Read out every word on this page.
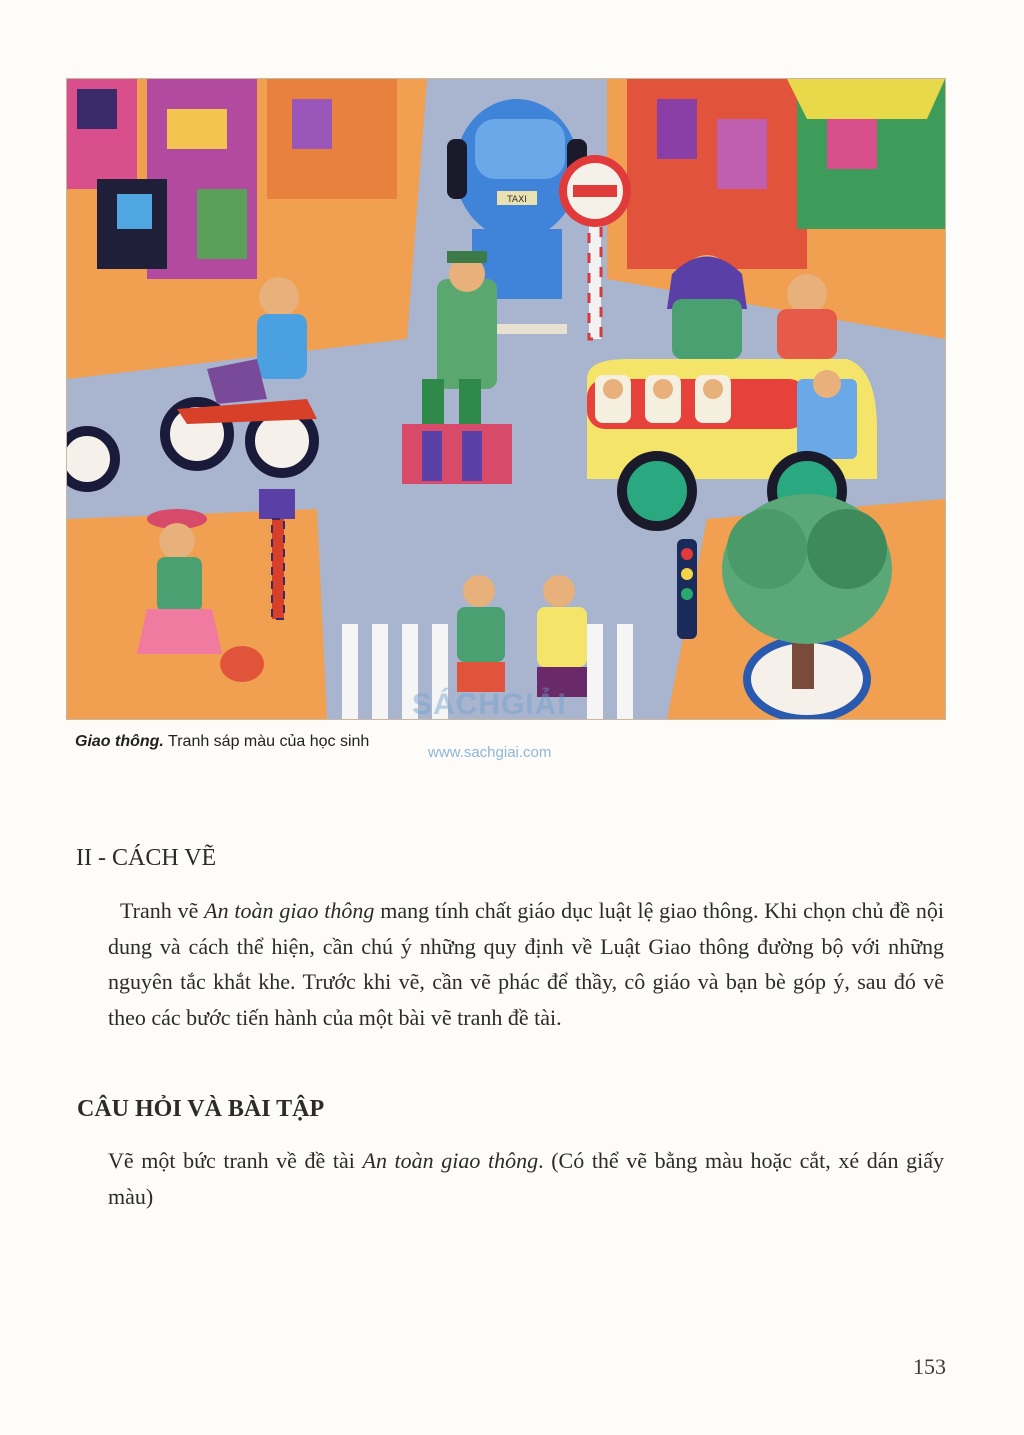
TAXI
SÁCHGIẢI
Giao thông. Tranh sáp màu của học sinh
www.sachgiai.com
II - CÁCH VẼ
Tranh vẽ An toàn giao thông mang tính chất giáo dục luật lệ giao thông. Khi chọn chủ đề nội dung và cách thể hiện, cần chú ý những quy định về Luật Giao thông đường bộ với những nguyên tắc khắt khe. Trước khi vẽ, cần vẽ phác để thầy, cô giáo và bạn bè góp ý, sau đó vẽ theo các bước tiến hành của một bài vẽ tranh đề tài.
CÂU HỎI VÀ BÀI TẬP
Vẽ một bức tranh về đề tài An toàn giao thông. (Có thể vẽ bằng màu hoặc cắt, xé dán giấy màu)
153
